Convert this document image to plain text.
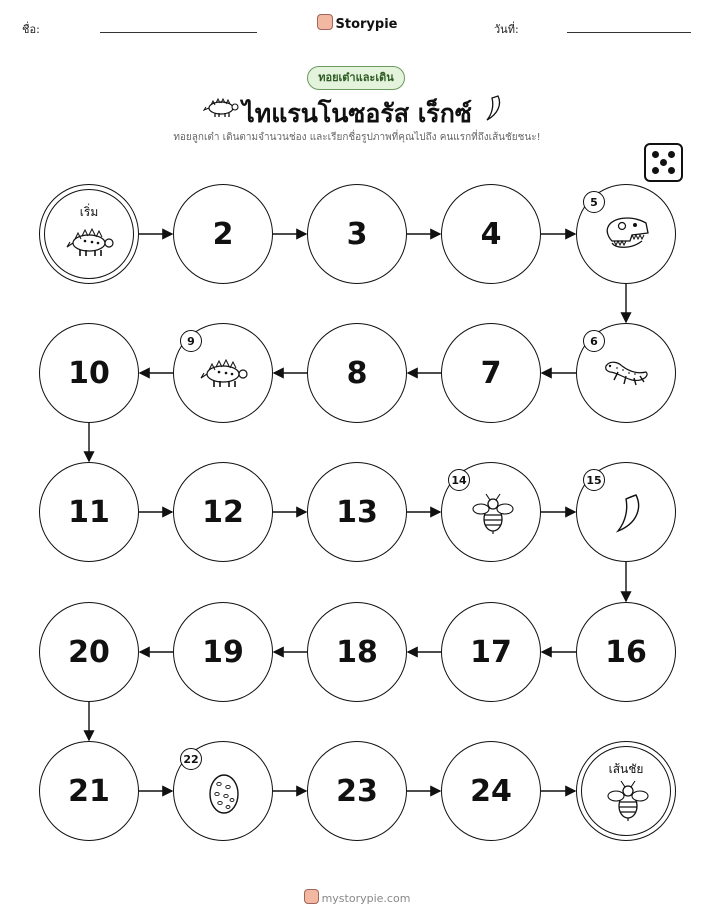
ชื่อ:	Storypie	วันที่:
ทอยเต๋าและเดิน
ไทแรนโนซอรัส เร็กซ์
ทอยลูกเต๋า เดินตามจำนวนช่อง และเรียกชื่อรูปภาพที่คุณไปถึง คนแรกที่ถึงเส้นชัยชนะ!
เริ่ม
2	3	4
5
6
7
8
9
10
11	12	13
14	15
16
17
18
19
20
21
22
23	24
เส้นชัย
mystorypie.com
